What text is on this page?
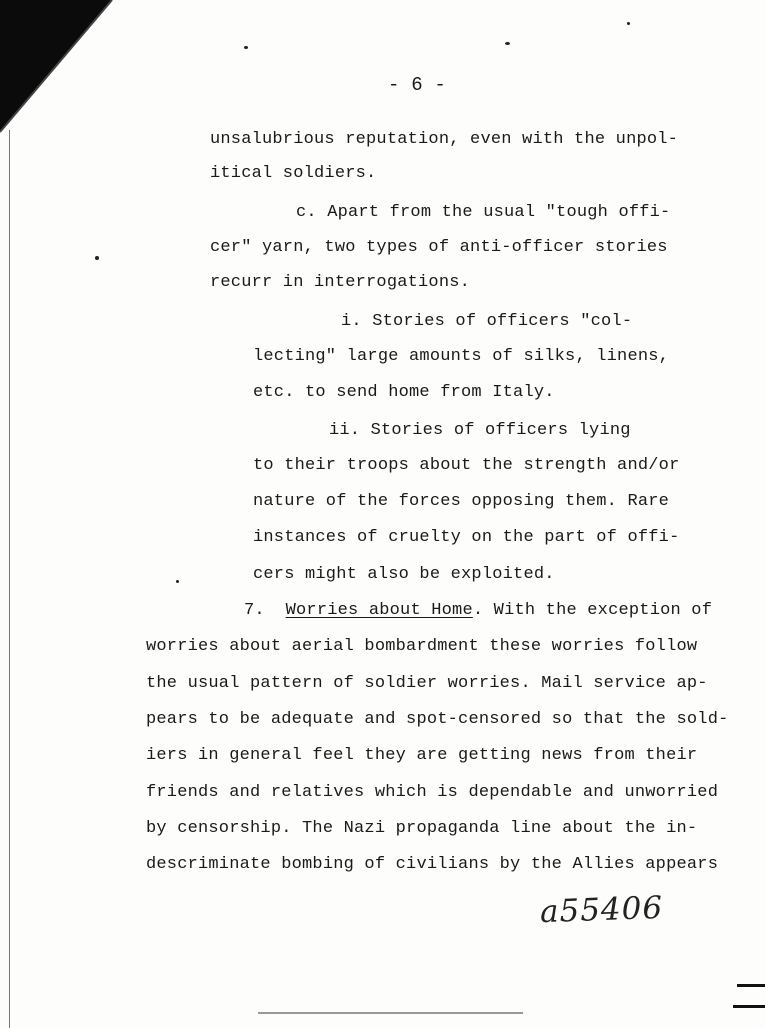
- 6 -
unsalubrious reputation, even with the unpol-
itical soldiers.
c. Apart from the usual "tough offi-
cer" yarn, two types of anti-officer stories
recurr in interrogations.
i. Stories of officers "col-
lecting" large amounts of silks, linens,
etc. to send home from Italy.
ii. Stories of officers lying
to their troops about the strength and/or
nature of the forces opposing them. Rare
instances of cruelty on the part of offi-
cers might also be exploited.
7. Worries about Home. With the exception of
worries about aerial bombardment these worries follow
the usual pattern of soldier worries. Mail service ap-
pears to be adequate and spot-censored so that the sold-
iers in general feel they are getting news from their
friends and relatives which is dependable and unworried
by censorship. The Nazi propaganda line about the in-
descriminate bombing of civilians by the Allies appears
a55406
